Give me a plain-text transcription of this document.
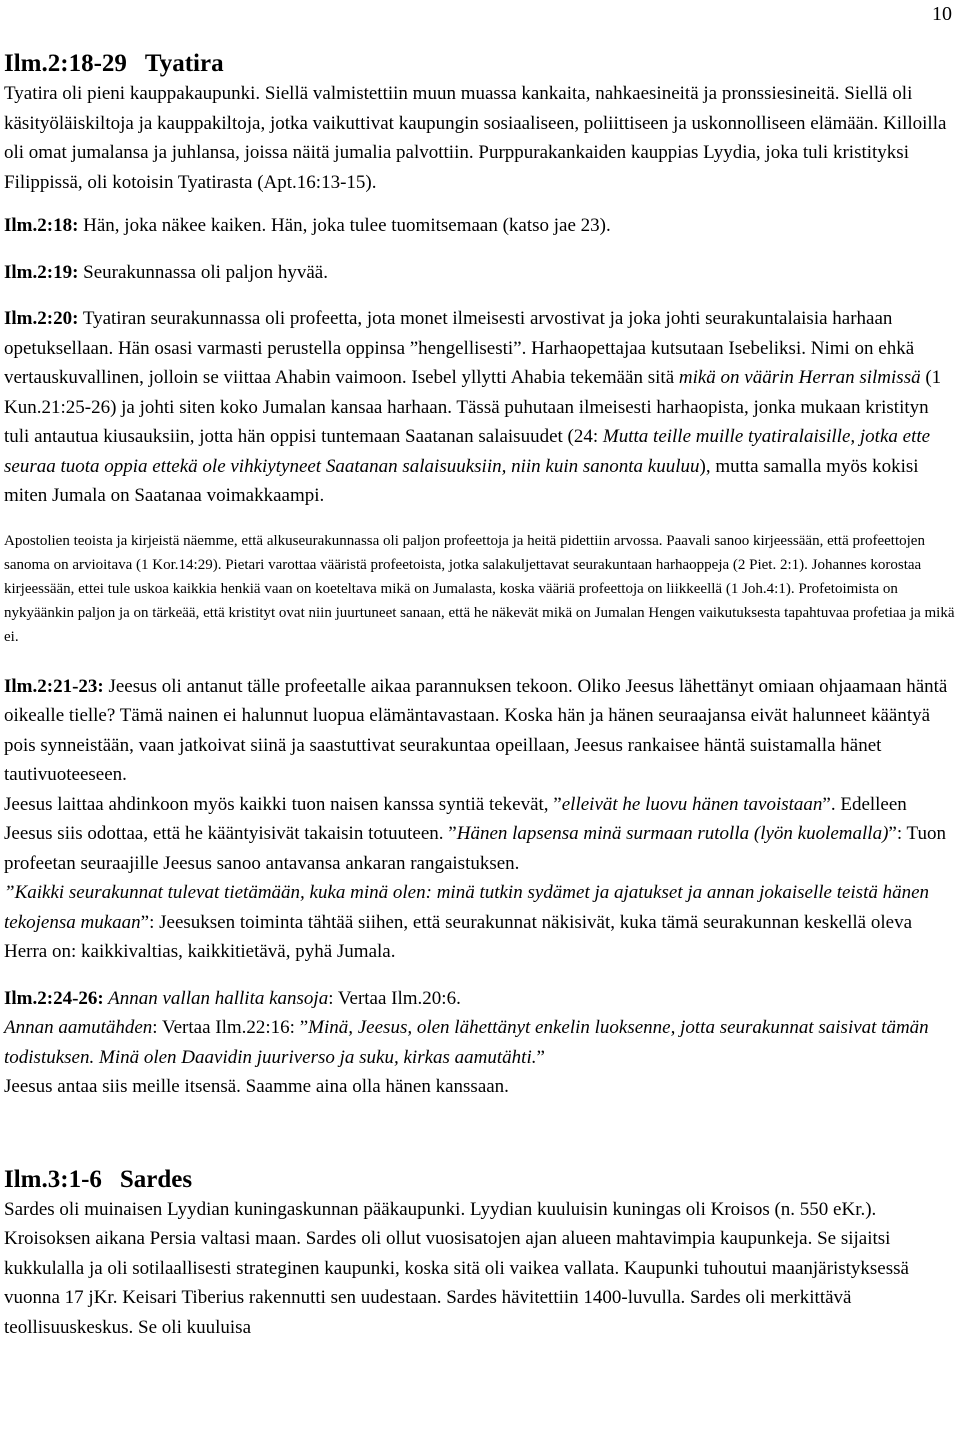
10
Ilm.2:18-29 Tyatira

Tyatira oli pieni kauppakaupunki. Siellä valmistettiin muun muassa kankaita, nahkaesineitä ja pronssiesineitä. Siellä oli käsityöläiskiltoja ja kauppakiltoja, jotka vaikuttivat kaupungin sosiaaliseen, poliittiseen ja uskonnolliseen elämään. Killoilla oli omat jumalansa ja juhlansa, joissa näitä jumalia palvottiin. Purppurakankaiden kauppias Lyydia, joka tuli kristityksi Filippissä, oli kotoisin Tyatirasta (Apt.16:13-15).

Ilm.2:18: Hän, joka näkee kaiken. Hän, joka tulee tuomitsemaan (katso jae 23).

Ilm.2:19: Seurakunnassa oli paljon hyvää.

Ilm.2:20: Tyatiran seurakunnassa oli profeetta, jota monet ilmeisesti arvostivat ja joka johti seurakuntalaisia harhaan opetuksellaan. Hän osasi varmasti perustella oppinsa ”hengellisesti”. Harhaopettajaa kutsutaan Isebeliksi. Nimi on ehkä vertauskuvallinen, jolloin se viittaa Ahabin vaimoon. Isebel yllytti Ahabia tekemään sitä mikä on väärin Herran silmissä (1 Kun.21:25-26) ja johti siten koko Jumalan kansaa harhaan. Tässä puhutaan ilmeisesti harhaopista, jonka mukaan kristityn tuli antautua kiusauksiin, jotta hän oppisi tuntemaan Saatanan salaisuudet (24: Mutta teille muille tyatiralaisille, jotka ette seuraa tuota oppia ettekä ole vihkiytyneet Saatanan salaisuuksiin, niin kuin sanonta kuuluu), mutta samalla myös kokisi miten Jumala on Saatanaa voimakkaampi.

Apostolien teoista ja kirjeistä näemme, että alkuseurakunnassa oli paljon profeettoja ja heitä pidettiin arvossa. Paavali sanoo kirjeessään, että profeettojen sanoma on arvioitava (1 Kor.14:29). Pietari varottaa vääristä profeetoista, jotka salakuljettavat seurakuntaan harhaoppeja (2 Piet. 2:1). Johannes korostaa kirjeessään, ettei tule uskoa kaikkia henkiä vaan on koeteltava mikä on Jumalasta, koska vääriä profeettoja on liikkeellä (1 Joh.4:1). Profetoimista on nykyäänkin paljon ja on tärkeää, että kristityt ovat niin juurtuneet sanaan, että he näkevät mikä on Jumalan Hengen vaikutuksesta tapahtuvaa profetiaa ja mikä ei.

Ilm.2:21-23: Jeesus oli antanut tälle profeetalle aikaa parannuksen tekoon. Oliko Jeesus lähettänyt omiaan ohjaamaan häntä oikealle tielle? Tämä nainen ei halunnut luopua elämäntavastaan. Koska hän ja hänen seuraajansa eivät halunneet kääntyä pois synneistään, vaan jatkoivat siinä ja saastuttivat seurakuntaa opeillaan, Jeesus rankaisee häntä suistamalla hänet tautivuoteeseen.

Jeesus laittaa ahdinkoon myös kaikki tuon naisen kanssa syntiä tekevät, ”elleivät he luovu hänen tavoistaan”. Edelleen Jeesus siis odottaa, että he kääntyisivät takaisin totuuteen. ”Hänen lapsensa minä surmaan rutolla (lyön kuolemalla)”: Tuon profeetan seuraajille Jeesus sanoo antavansa ankaran rangaistuksen.

”Kaikki seurakunnat tulevat tietämään, kuka minä olen: minä tutkin sydämet ja ajatukset ja annan jokaiselle teistä hänen tekojensa mukaan”: Jeesuksen toiminta tähtää siihen, että seurakunnat näkisivät, kuka tämä seurakunnan keskellä oleva Herra on: kaikkivaltias, kaikkitietävä, pyhä Jumala.

Ilm.2:24-26: Annan vallan hallita kansoja: Vertaa Ilm.20:6.

Annan aamutähden: Vertaa Ilm.22:16: ”Minä, Jeesus, olen lähettänyt enkelin luoksenne, jotta seurakunnat saisivat tämän todistuksen. Minä olen Daavidin juuriverso ja suku, kirkas aamutähti.”

Jeesus antaa siis meille itsensä. Saamme aina olla hänen kanssaan.

Ilm.3:1-6 Sardes

Sardes oli muinaisen Lyydian kuningaskunnan pääkaupunki. Lyydian kuuluisin kuningas oli Kroisos (n. 550 eKr.). Kroisoksen aikana Persia valtasi maan. Sardes oli ollut vuosisatojen ajan alueen mahtavimpia kaupunkeja. Se sijaitsi kukkulalla ja oli sotilaallisesti strateginen kaupunki, koska sitä oli vaikea vallata. Kaupunki tuhoutui maanjäristyksessä vuonna 17 jKr. Keisari Tiberius rakennutti sen uudestaan. Sardes hävitettiin 1400-luvulla. Sardes oli merkittävä teollisuuskeskus. Se oli kuuluisa
